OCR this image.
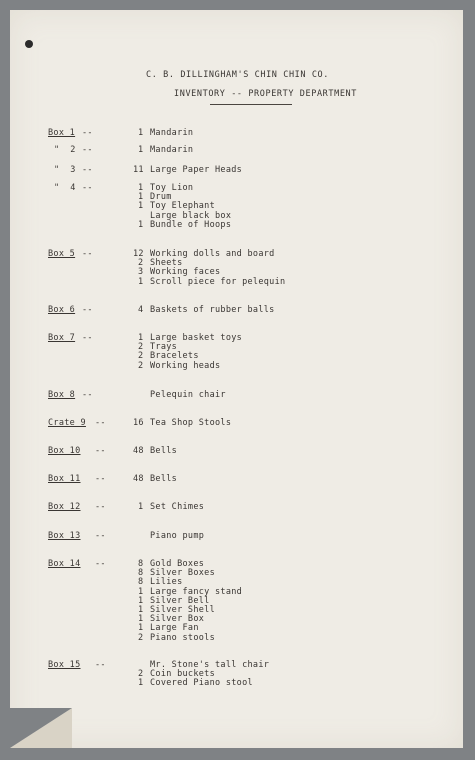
C. B. DILLINGHAM'S CHIN CHIN CO.
INVENTORY -- PROPERTY DEPARTMENT
Box 1 --	1 Mandarin
"  2 --	1 Mandarin
"  3 --	11 Large Paper Heads
"  4 --	1 Toy Lion
1 Drum
1 Toy Elephant
Large black box
1 Bundle of Hoops
Box 5 --	12 Working dolls and board
2 Sheets
3 Working faces
1 Scroll piece for pelequin
Box 6 --	4 Baskets of rubber balls
Box 7 --	1 Large basket toys
2 Trays
2 Bracelets
2 Working heads
Box 8 --	Pelequin chair
Crate 9 --	16 Tea Shop Stools
Box 10 --	48 Bells
Box 11 --	48 Bells
Box 12 --	1 Set Chimes
Box 13 --	Piano pump
Box 14 --	8 Gold Boxes
8 Silver Boxes
8 Lilies
1 Large fancy stand
1 Silver Bell
1 Silver Shell
1 Silver Box
1 Large Fan
2 Piano stools
Box 15 --	Mr. Stone's tall chair
2 Coin buckets
1 Covered Piano stool
